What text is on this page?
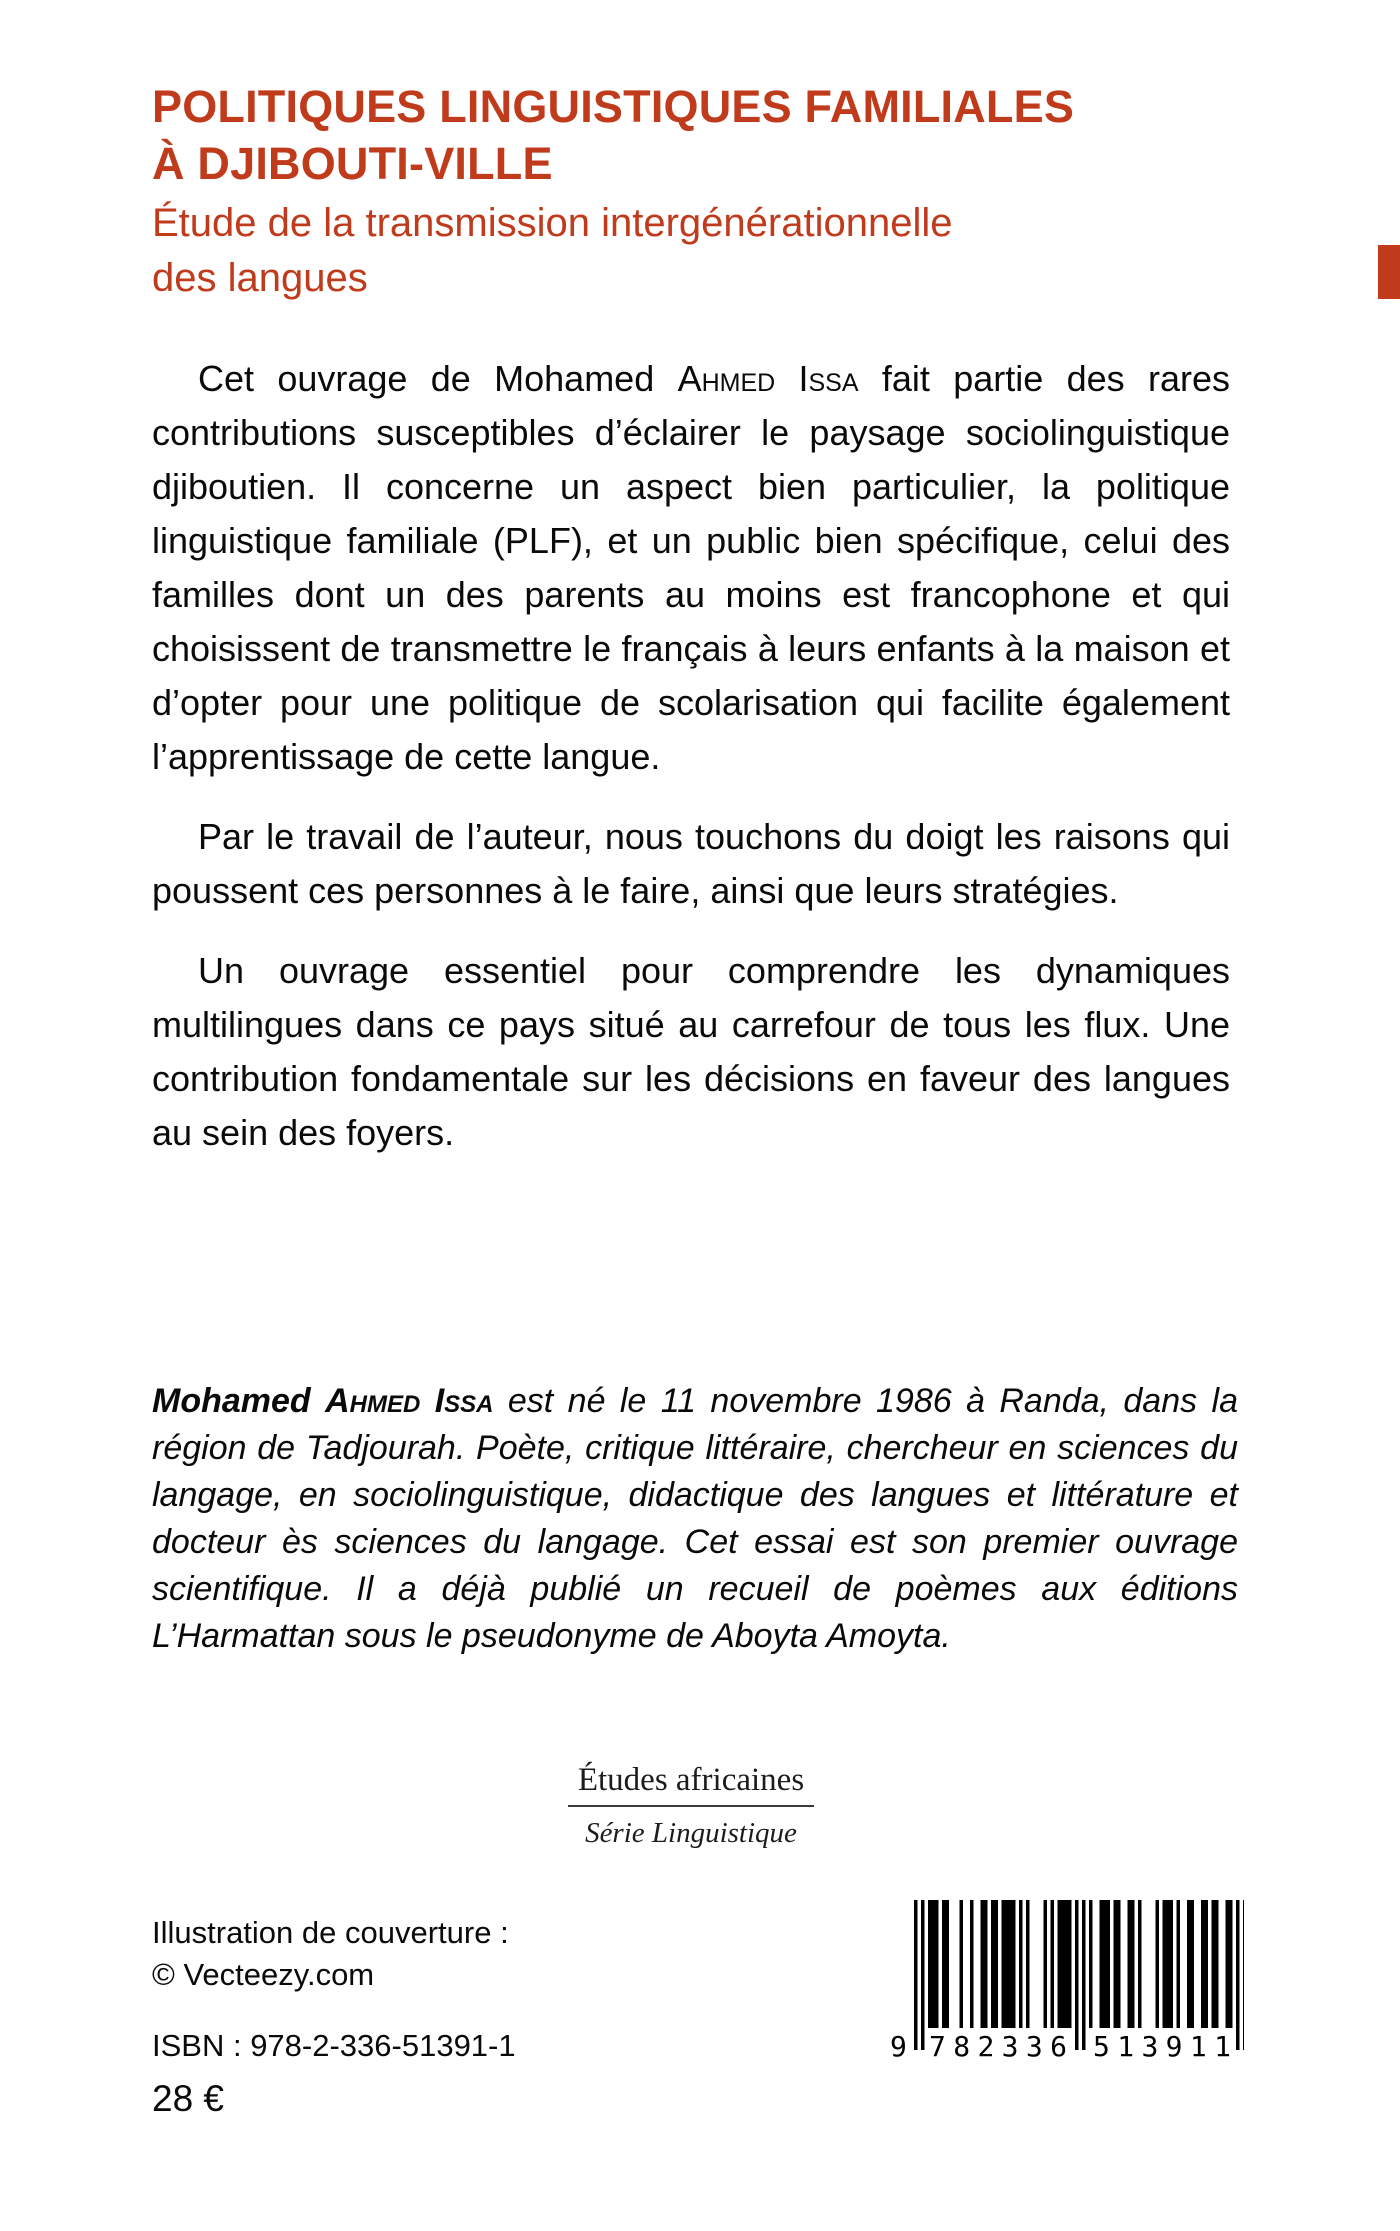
POLITIQUES LINGUISTIQUES FAMILIALES
À DJIBOUTI-VILLE
Étude de la transmission intergénérationnelle
des langues

Cet ouvrage de Mohamed Ahmed Issa fait partie des rares contributions susceptibles d’éclairer le paysage sociolinguistique djiboutien. Il concerne un aspect bien particulier, la politique linguistique familiale (PLF), et un public bien spécifique, celui des familles dont un des parents au moins est francophone et qui choisissent de transmettre le français à leurs enfants à la maison et d’opter pour une politique de scolarisation qui facilite également l’apprentissage de cette langue.

Par le travail de l’auteur, nous touchons du doigt les raisons qui poussent ces personnes à le faire, ainsi que leurs stratégies.

Un ouvrage essentiel pour comprendre les dynamiques multilingues dans ce pays situé au carrefour de tous les flux. Une contribution fondamentale sur les décisions en faveur des langues au sein des foyers.

Mohamed Ahmed Issa est né le 11 novembre 1986 à Randa, dans la région de Tadjourah. Poète, critique littéraire, chercheur en sciences du langage, en sociolinguistique, didactique des langues et littérature et docteur ès sciences du langage. Cet essai est son premier ouvrage scientifique. Il a déjà publié un recueil de poèmes aux éditions L’Harmattan sous le pseudonyme de Aboyta Amoyta.
Études africaines
Série Linguistique
Illustration de couverture :
© Vecteezy.com
ISBN : 978-2-336-51391-1
28 €
9 782336 513911
